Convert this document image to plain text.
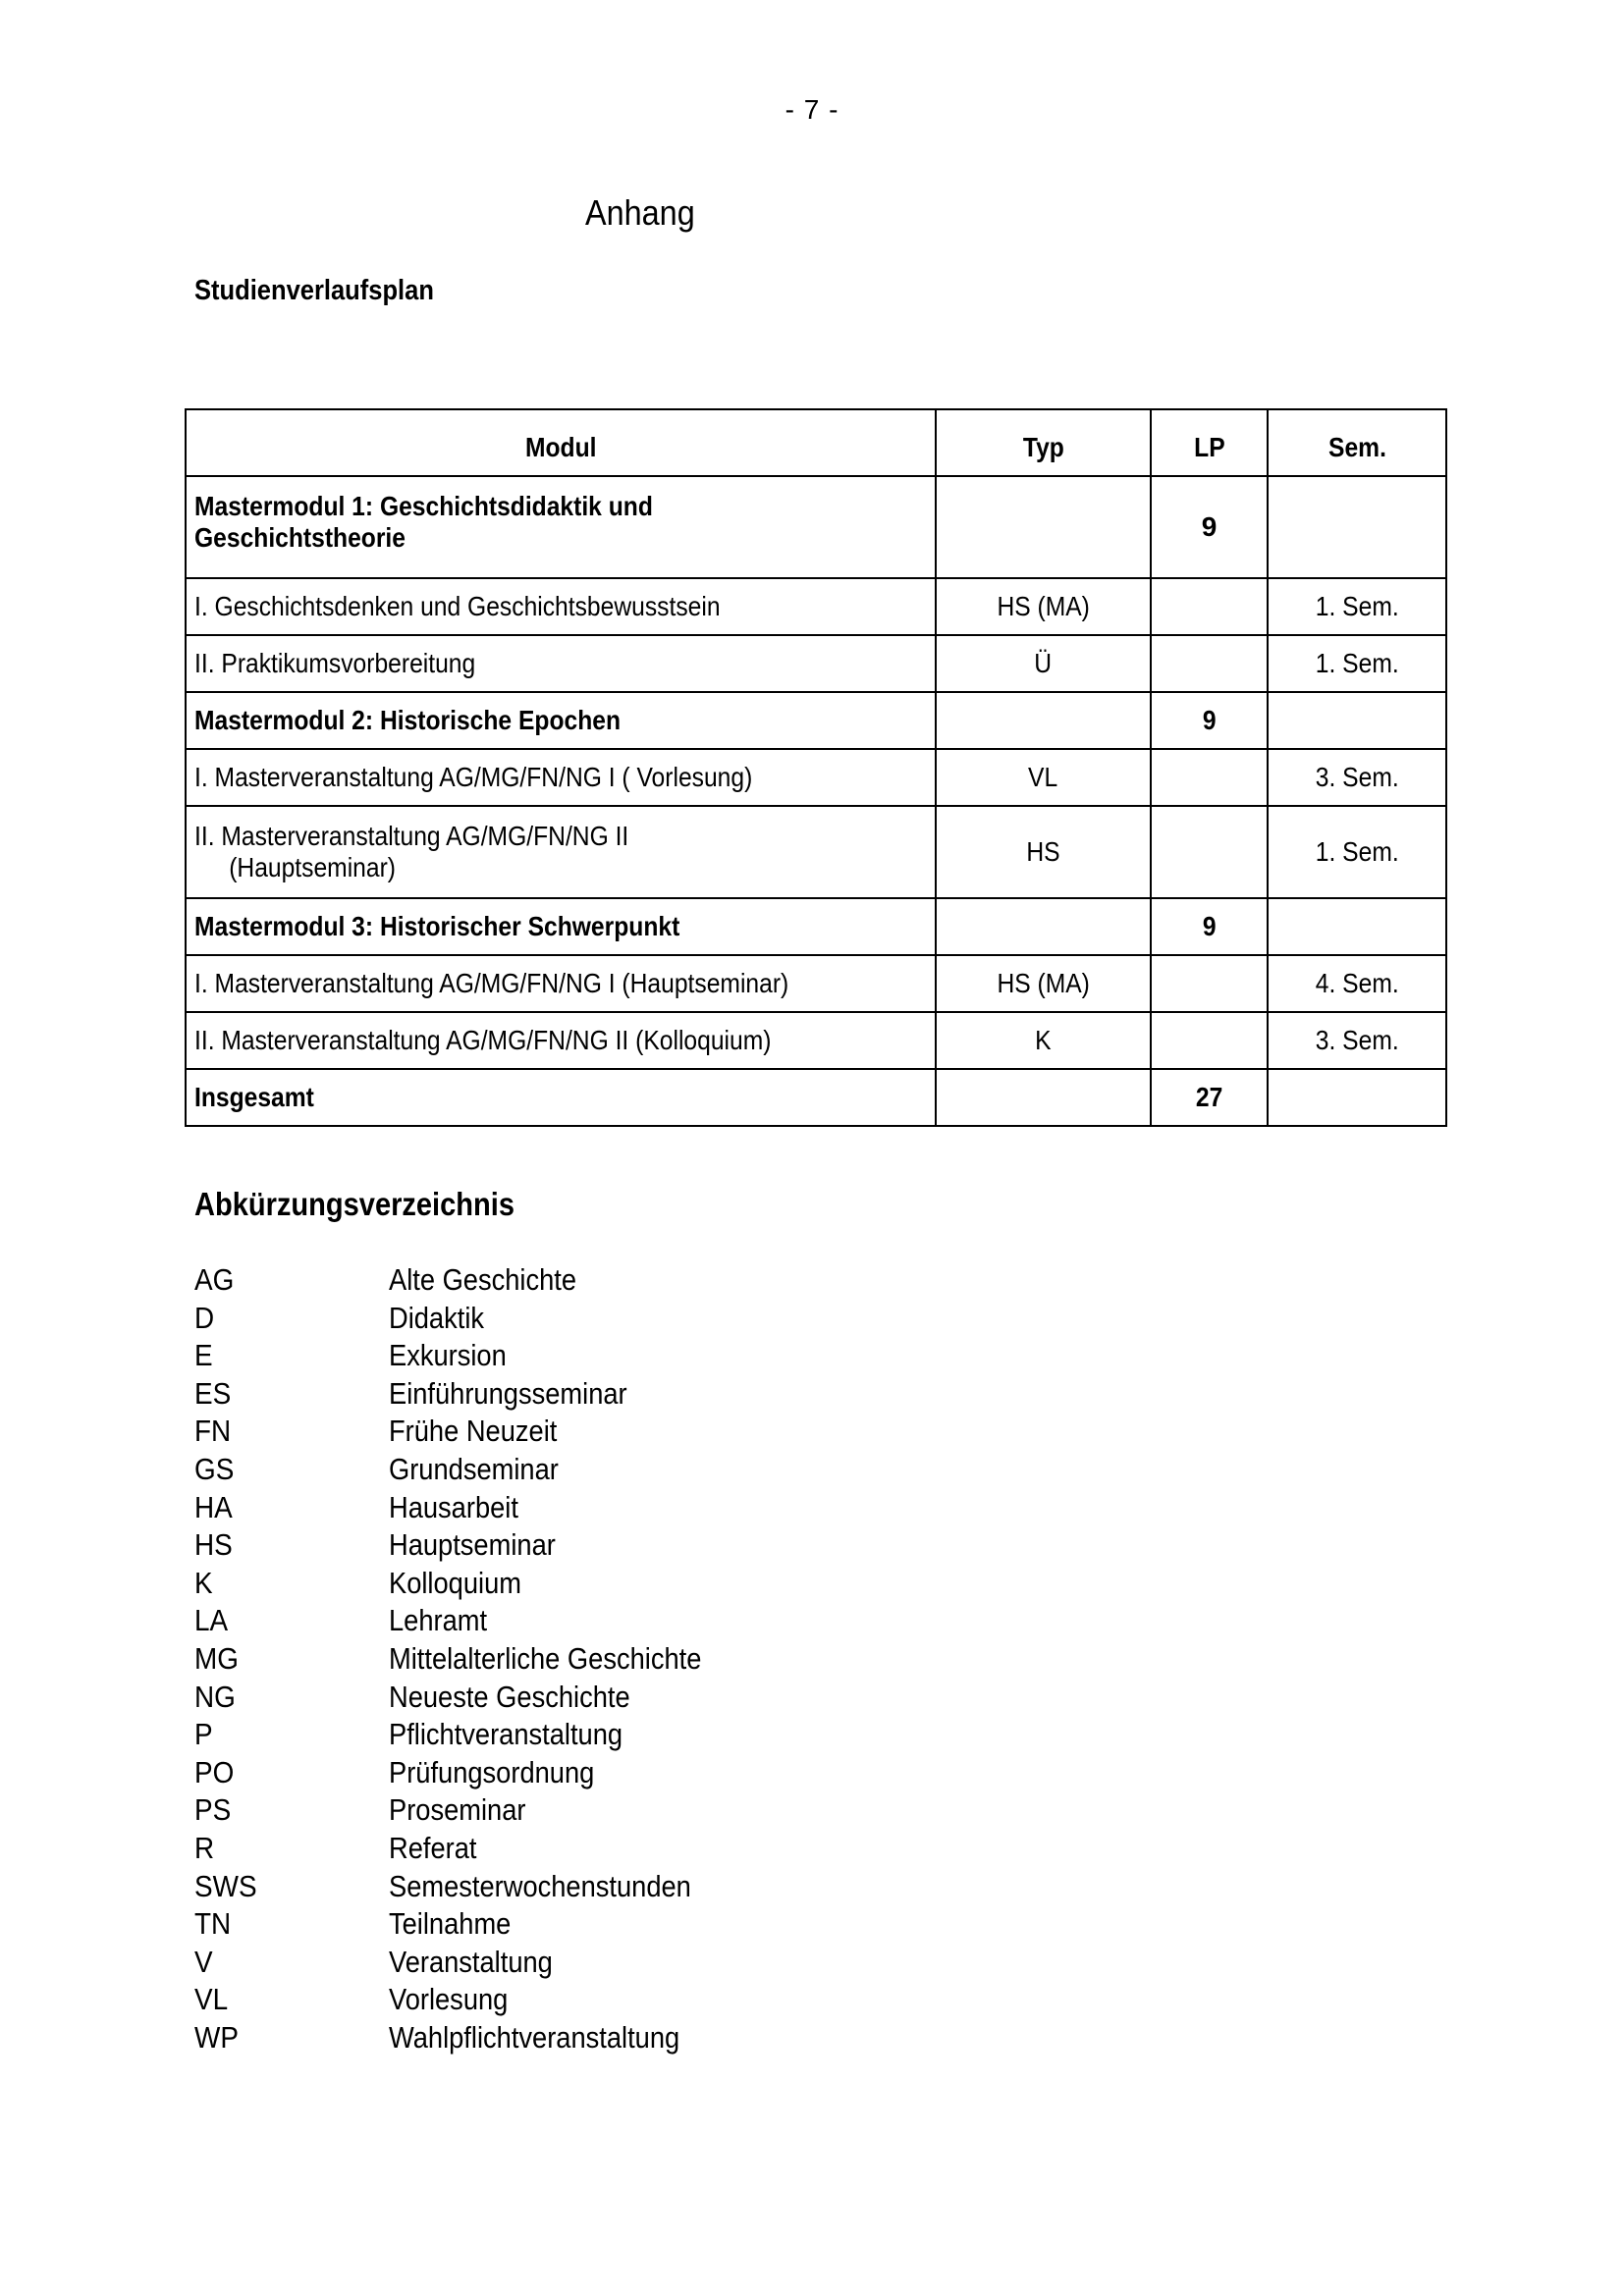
- 7 -
Anhang
Studienverlaufsplan
Modul	Typ	LP	Sem.

Mastermodul 1: Geschichtsdidaktik und
Geschichtstheorie		9	
I. Geschichtsdenken und Geschichtsbewusstsein	HS (MA)		1. Sem.
II. Praktikumsvorbereitung	Ü		1. Sem.
Mastermodul 2: Historische Epochen		9	
I. Masterveranstaltung AG/MG/FN/NG I ( Vorlesung)	VL		3. Sem.

II. Masterveranstaltung AG/MG/FN/NG II
(Hauptseminar)	HS		1. Sem.
Mastermodul 3: Historischer Schwerpunkt		9	
I. Masterveranstaltung AG/MG/FN/NG I (Hauptseminar)	HS (MA)		4. Sem.
II. Masterveranstaltung AG/MG/FN/NG II (Kolloquium)	K		3. Sem.
Insgesamt		27	
Abkürzungsverzeichnis
AG	Alte Geschichte
D	Didaktik
E	Exkursion
ES	Einführungsseminar
FN	Frühe Neuzeit
GS	Grundseminar
HA	Hausarbeit
HS	Hauptseminar
K	Kolloquium
LA	Lehramt
MG	Mittelalterliche Geschichte
NG	Neueste Geschichte
P	Pflichtveranstaltung
PO	Prüfungsordnung
PS	Proseminar
R	Referat
SWS	Semesterwochenstunden
TN	Teilnahme
V	Veranstaltung
VL	Vorlesung
WP	Wahlpflichtveranstaltung
